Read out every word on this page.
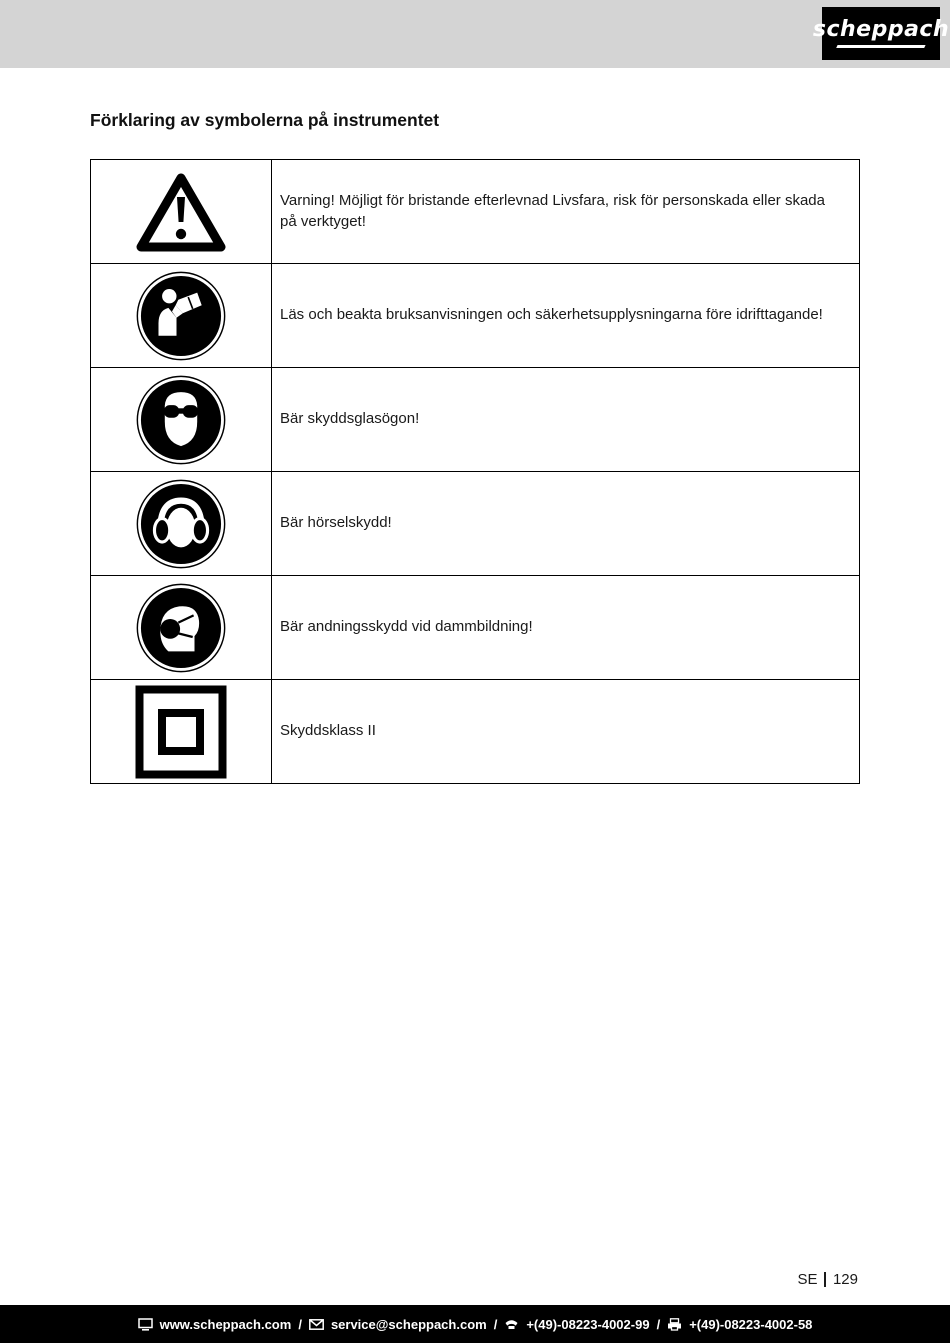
scheppach
Förklaring av symbolerna på instrumentet
	Varning! Möjligt för bristande efterlevnad Livsfara, risk för personskada eller skada på verktyget!
	Läs och beakta bruksanvisningen och säkerhetsupplysningarna före idrifttagande!
	Bär skyddsglasögon!
	Bär hörselskydd!
	Bär andningsskydd vid dammbildning!
	Skyddsklass II
SE 129
www.scheppach.com / service@scheppach.com / +(49)-08223-4002-99 / +(49)-08223-4002-58
